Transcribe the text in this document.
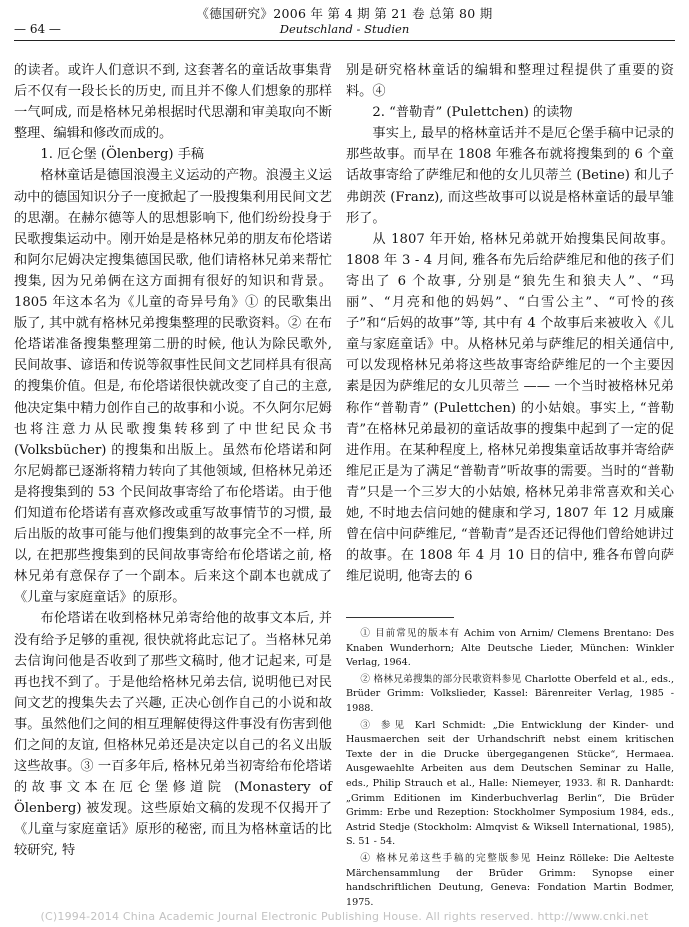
《德国研究》2006 年 第 4 期 第 21 卷 总第 80 期
— 64 —	Deutschland - Studien

的读者。或许人们意识不到, 这套著名的童话故事集背后不仅有一段长长的历史, 而且并不像人们想象的那样一气呵成, 而是格林兄弟根据时代思潮和审美取向不断整理、编辑和修改而成的。

1. 厄仑堡 (Ölenberg) 手稿

格林童话是德国浪漫主义运动的产物。浪漫主义运动中的德国知识分子一度掀起了一股搜集利用民间文艺的思潮。在赫尔德等人的思想影响下, 他们纷纷投身于民歌搜集运动中。刚开始是是格林兄弟的朋友布伦塔诺和阿尔尼姆决定搜集德国民歌, 他们请格林兄弟来帮忙搜集, 因为兄弟俩在这方面拥有很好的知识和背景。1805 年这本名为《儿童的奇异号角》① 的民歌集出版了, 其中就有格林兄弟搜集整理的民歌资料。② 在布伦塔诺准备搜集整理第二册的时候, 他认为除民歌外, 民间故事、谚语和传说等叙事性民间文艺同样具有很高的搜集价值。但是, 布伦塔诺很快就改变了自己的主意, 他决定集中精力创作自己的故事和小说。不久阿尔尼姆也将注意力从民歌搜集转移到了中世纪民众书 (Volksbücher) 的搜集和出版上。虽然布伦塔诺和阿尔尼姆都已逐渐将精力转向了其他领域, 但格林兄弟还是将搜集到的 53 个民间故事寄给了布伦塔诺。由于他们知道布伦塔诺有喜欢修改或重写故事情节的习惯, 最后出版的故事可能与他们搜集到的故事完全不一样, 所以, 在把那些搜集到的民间故事寄给布伦塔诺之前, 格林兄弟有意保存了一个副本。后来这个副本也就成了《儿童与家庭童话》的原形。

布伦塔诺在收到格林兄弟寄给他的故事文本后, 并没有给予足够的重视, 很快就将此忘记了。当格林兄弟去信询问他是否收到了那些文稿时, 他才记起来, 可是再也找不到了。于是他给格林兄弟去信, 说明他已对民间文艺的搜集失去了兴趣, 正决心创作自己的小说和故事。虽然他们之间的相互理解使得这件事没有伤害到他们之间的友谊, 但格林兄弟还是决定以自己的名义出版这些故事。③ 一百多年后, 格林兄弟当初寄给布伦塔诺的故事文本在厄仑堡修道院 (Monastery of Ölenberg) 被发现。这些原始文稿的发现不仅揭开了《儿童与家庭童话》原形的秘密, 而且为格林童话的比较研究, 特

别是研究格林童话的编辑和整理过程提供了重要的资料。④

2. “普勒青” (Pulettchen) 的读物

事实上, 最早的格林童话并不是厄仑堡手稿中记录的那些故事。而早在 1808 年雅各布就将搜集到的 6 个童话故事寄给了萨维尼和他的女儿贝蒂兰 (Betine) 和儿子弗朗茨 (Franz), 而这些故事可以说是格林童话的最早雏形了。

从 1807 年开始, 格林兄弟就开始搜集民间故事。1808 年 3 - 4 月间, 雅各布先后给萨维尼和他的孩子们寄出了 6 个故事, 分别是“狼先生和狼夫人”、“玛丽”、“月亮和他的妈妈”、“白雪公主”、“可怜的孩子”和“后妈的故事”等, 其中有 4 个故事后来被收入《儿童与家庭童话》中。从格林兄弟与萨维尼的相关通信中, 可以发现格林兄弟将这些故事寄给萨维尼的一个主要因素是因为萨维尼的女儿贝蒂兰 —— 一个当时被格林兄弟称作“普勒青” (Pulettchen) 的小姑娘。事实上, “普勒青”在格林兄弟最初的童话故事的搜集中起到了一定的促进作用。在某种程度上, 格林兄弟搜集童话故事并寄给萨维尼正是为了满足“普勒青”听故事的需要。当时的“普勒青”只是一个三岁大的小姑娘, 格林兄弟非常喜欢和关心她, 不时地去信问她的健康和学习, 1807 年 12 月威廉曾在信中问萨维尼, “普勒青”是否还记得他们曾给她讲过的故事。在 1808 年 4 月 10 日的信中, 雅各布曾向萨维尼说明, 他寄去的 6

① 目前常见的版本有 Achim von Arnim/ Clemens Brentano: Des Knaben Wunderhorn; Alte Deutsche Lieder, München: Winkler Verlag, 1964.

② 格林兄弟搜集的部分民歌资料参见 Charlotte Oberfeld et al., eds., Brüder Grimm: Volkslieder, Kassel: Bärenreiter Verlag, 1985 - 1988.

③ 参见 Karl Schmidt: „Die Entwicklung der Kinder- und Hausmaerchen seit der Urhandschrift nebst einem kritischen Texte der in die Drucke übergegangenen Stücke“, Hermaea. Ausgewaehlte Arbeiten aus dem Deutschen Seminar zu Halle, eds., Philip Strauch et al., Halle: Niemeyer, 1933. 和 R. Danhardt: „Grimm Editionen im Kinderbuchverlag Berlin“, Die Brüder Grimm: Erbe und Rezeption: Stockholmer Symposium 1984, eds., Astrid Stedje (Stockholm: Almqvist & Wiksell International, 1985), S. 51 - 54.

④ 格林兄弟这些手稿的完整版参见 Heinz Rölleke: Die Aelteste Märchensammlung der Brüder Grimm: Synopse einer handschriftlichen Deutung, Geneva: Fondation Martin Bodmer, 1975.

(C)1994-2014 China Academic Journal Electronic Publishing House. All rights reserved. http://www.cnki.net
